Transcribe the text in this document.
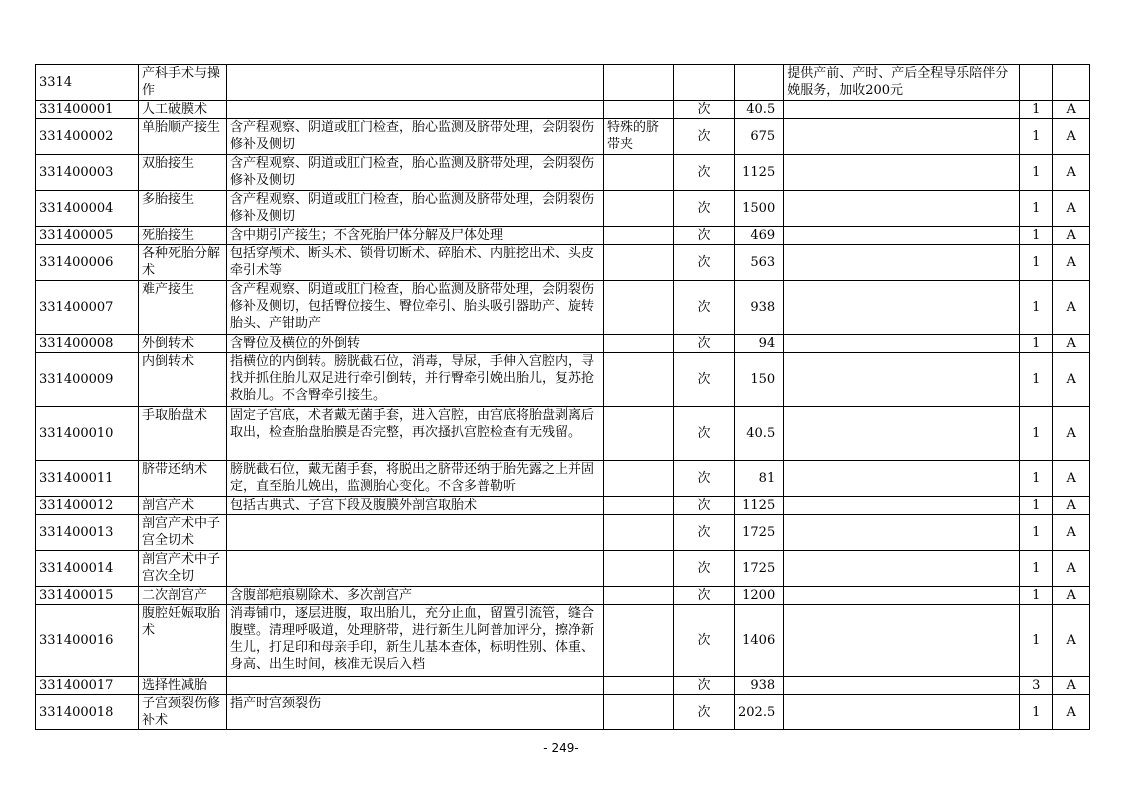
3314	产科手术与操作					提供产前、产时、产后全程导乐陪伴分娩服务，加收200元		
331400001	人工破膜术			次	40.5		1	A
331400002	单胎顺产接生	含产程观察、阴道或肛门检查，胎心监测及脐带处理，会阴裂伤修补及侧切	特殊的脐带夹	次	675		1	A
331400003	双胎接生	含产程观察、阴道或肛门检查，胎心监测及脐带处理，会阴裂伤修补及侧切		次	1125		1	A
331400004	多胎接生	含产程观察、阴道或肛门检查，胎心监测及脐带处理，会阴裂伤修补及侧切		次	1500		1	A
331400005	死胎接生	含中期引产接生；不含死胎尸体分解及尸体处理		次	469		1	A
331400006	各种死胎分解术	包括穿颅术、断头术、锁骨切断术、碎胎术、内脏挖出术、头皮牵引术等		次	563		1	A
331400007	难产接生	含产程观察、阴道或肛门检查，胎心监测及脐带处理，会阴裂伤修补及侧切，包括臀位接生、臀位牵引、胎头吸引器助产、旋转胎头、产钳助产		次	938		1	A
331400008	外倒转术	含臀位及横位的外倒转		次	94		1	A
331400009	内倒转术	指横位的内倒转。膀胱截石位，消毒，导尿，手伸入宫腔内，寻找并抓住胎儿双足进行牵引倒转，并行臀牵引娩出胎儿，复苏抢救胎儿。不含臀牵引接生。		次	150		1	A
331400010	手取胎盘术	固定子宫底，术者戴无菌手套，进入宫腔，由宫底将胎盘剥离后取出，检查胎盘胎膜是否完整，再次搔扒宫腔检查有无残留。		次	40.5		1	A
331400011	脐带还纳术	膀胱截石位，戴无菌手套，将脱出之脐带还纳于胎先露之上并固定，直至胎儿娩出，监测胎心变化。不含多普勒听		次	81		1	A
331400012	剖宫产术	包括古典式、子宫下段及腹膜外剖宫取胎术		次	1125		1	A
331400013	剖宫产术中子宫全切术			次	1725		1	A
331400014	剖宫产术中子宫次全切			次	1725		1	A
331400015	二次剖宫产	含腹部疤痕剔除术、多次剖宫产		次	1200		1	A
331400016	腹腔妊娠取胎术	消毒铺巾，逐层进腹，取出胎儿，充分止血，留置引流管，缝合腹壁。清理呼吸道，处理脐带，进行新生儿阿普加评分，擦净新生儿，打足印和母亲手印，新生儿基本查体，标明性别、体重、身高、出生时间，核准无误后入档		次	1406		1	A
331400017	选择性减胎			次	938		3	A
331400018	子宫颈裂伤修补术	指产时宫颈裂伤		次	202.5		1	A
- 249-
